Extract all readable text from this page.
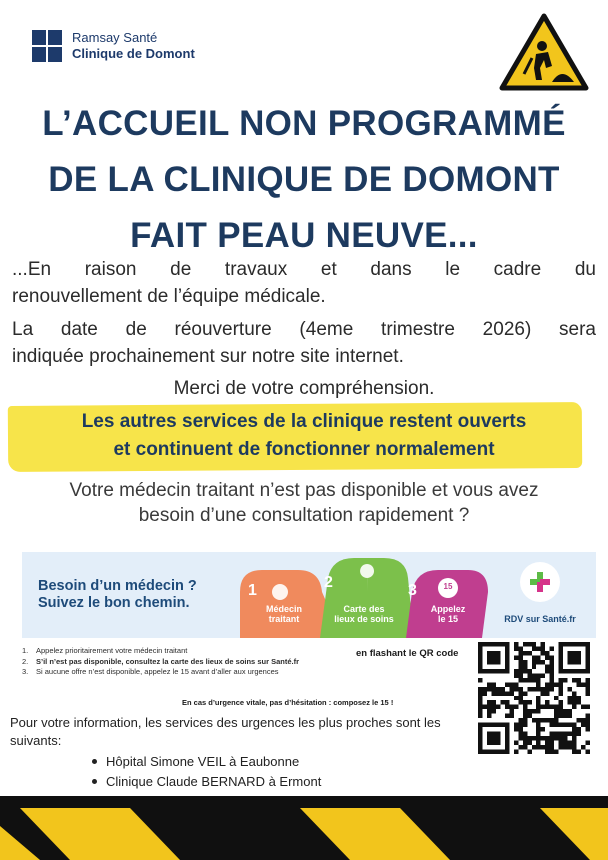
Ramsay Santé
Clinique de Domont
L’ACCUEIL NON PROGRAMMÉ
DE LA CLINIQUE DE DOMONT
FAIT PEAU NEUVE...
...En raison de travaux et dans le cadre du
renouvellement de l’équipe médicale.
La date de réouverture (4eme trimestre 2026) sera
indiquée prochainement sur notre site internet.
Merci de votre compréhension.
Les autres services de la clinique restent ouverts
et continuent de fonctionner normalement
Votre médecin traitant n’est pas disponible et vous avez
besoin d’une consultation rapidement ?
Besoin d’un médecin ?
Suivez le bon chemin.
1
Médecin
traitant
2
Carte des
lieux de soins
3
Appelez
le 15
15
RDV sur Santé.fr
1.	Appelez prioritairement votre médecin traitant
2.	S’il n’est pas disponible, consultez la carte des lieux de soins sur Santé.fr
3.	Si aucune offre n’est disponible, appelez le 15 avant d’aller aux urgences
en flashant le QR code
En cas d’urgence vitale, pas d’hésitation : composez le 15 !
Pour votre information, les services des urgences les plus proches sont les suivants:
Hôpital Simone VEIL à Eaubonne
Clinique Claude BERNARD à Ermont
